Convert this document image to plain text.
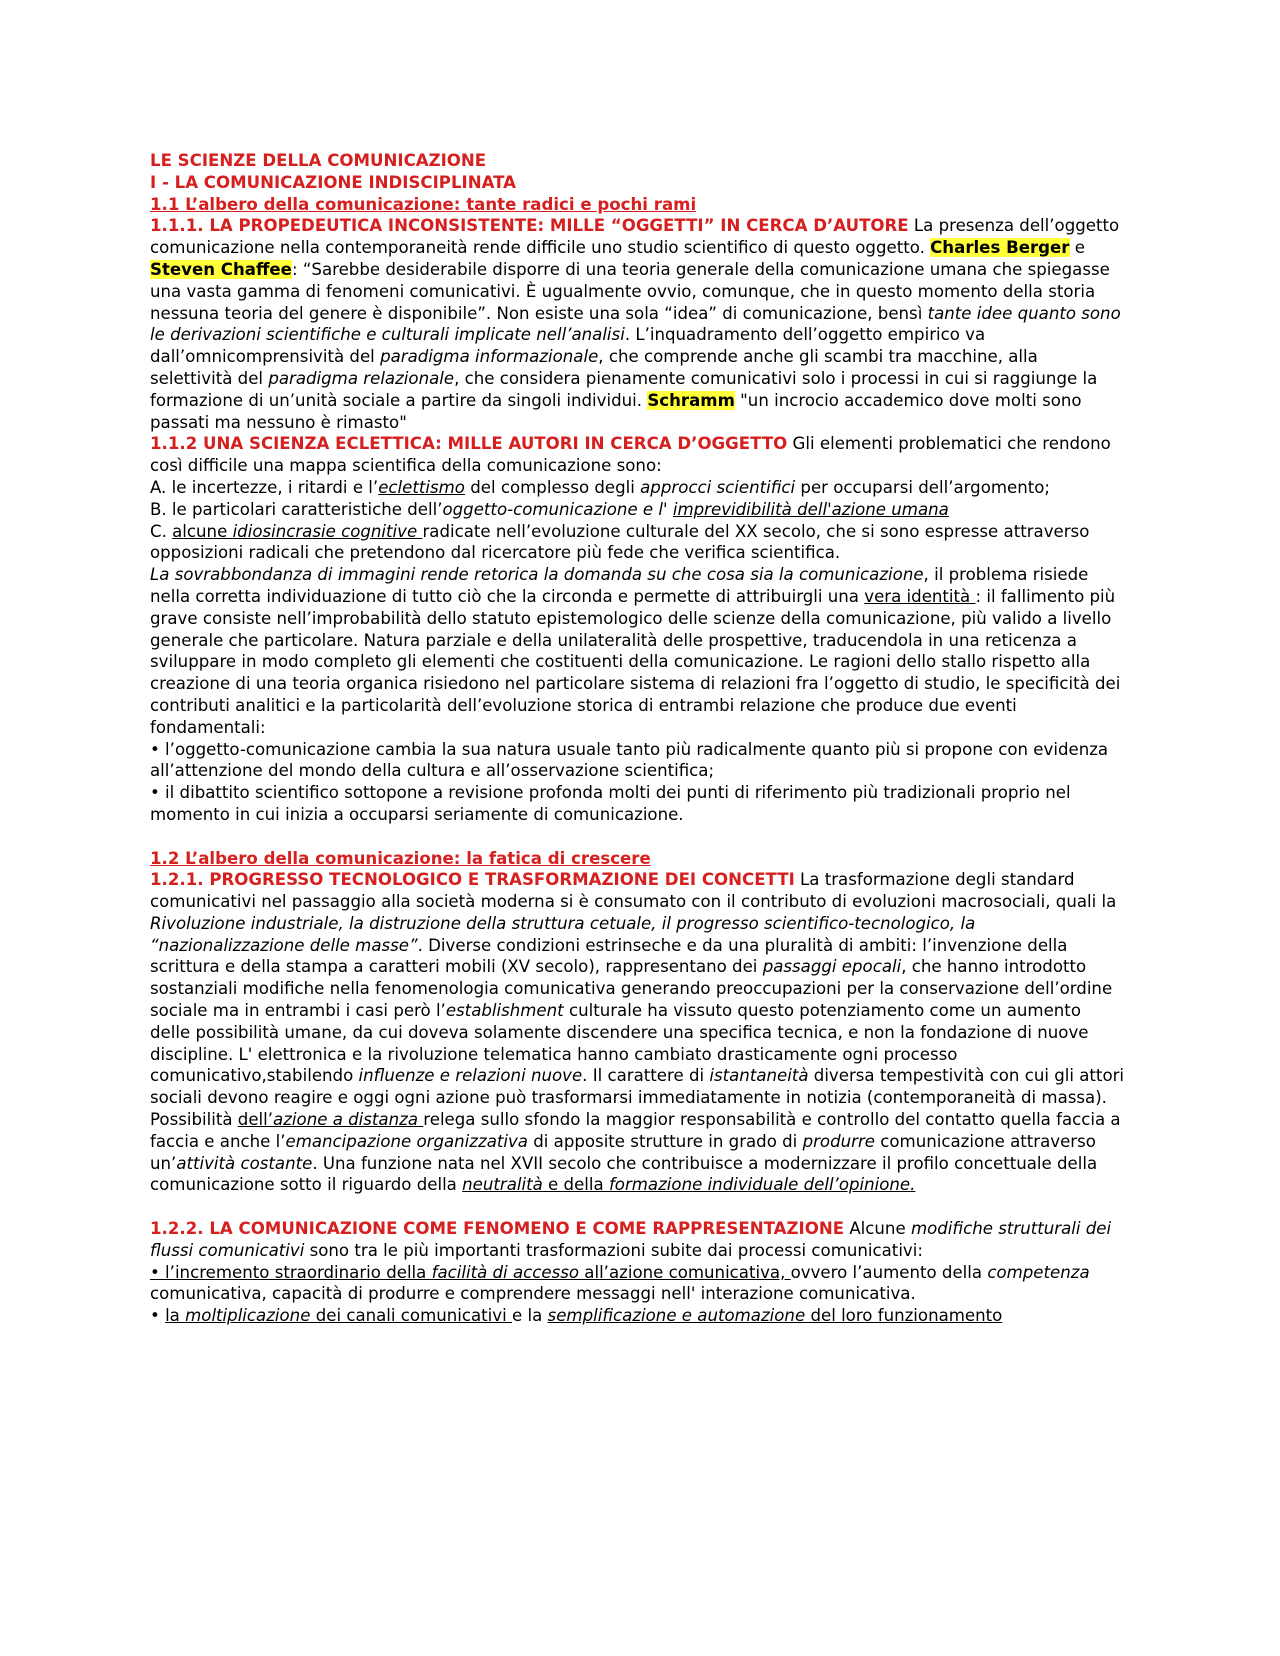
LE SCIENZE DELLA COMUNICAZIONE

I - LA COMUNICAZIONE INDISCIPLINATA

1.1 L’albero della comunicazione: tante radici e pochi rami

1.1.1. LA PROPEDEUTICA INCONSISTENTE: MILLE “OGGETTI” IN CERCA D’AUTORE La presenza dell’oggetto comunicazione nella contemporaneità rende difficile uno studio scientifico di questo oggetto. Charles Berger e Steven Chaffee: “Sarebbe desiderabile disporre di una teoria generale della comunicazione umana che spiegasse una vasta gamma di fenomeni comunicativi. È ugualmente ovvio, comunque, che in questo momento della storia nessuna teoria del genere è disponibile”. Non esiste una sola “idea” di comunicazione, bensì tante idee quanto sono le derivazioni scientifiche e culturali implicate nell’analisi. L’inquadramento dell’oggetto empirico va dall’omnicomprensività del paradigma informazionale, che comprende anche gli scambi tra macchine, alla selettività del paradigma relazionale, che considera pienamente comunicativi solo i processi in cui si raggiunge la formazione di un’unità sociale a partire da singoli individui. Schramm "un incrocio accademico dove molti sono passati ma nessuno è rimasto"

1.1.2 UNA SCIENZA ECLETTICA: MILLE AUTORI IN CERCA D’OGGETTO Gli elementi problematici che rendono così difficile una mappa scientifica della comunicazione sono:

A. le incertezze, i ritardi e l’eclettismo del complesso degli approcci scientifici per occuparsi dell’argomento;

B. le particolari caratteristiche dell’oggetto-comunicazione e l' imprevidibilità dell'azione umana

C. alcune idiosincrasie cognitive radicate nell’evoluzione culturale del XX secolo, che si sono espresse attraverso opposizioni radicali che pretendono dal ricercatore più fede che verifica scientifica.

La sovrabbondanza di immagini rende retorica la domanda su che cosa sia la comunicazione, il problema risiede nella corretta individuazione di tutto ciò che la circonda e permette di attribuirgli una vera identità : il fallimento più grave consiste nell’improbabilità dello statuto epistemologico delle scienze della comunicazione, più valido a livello generale che particolare. Natura parziale e della unilateralità delle prospettive, traducendola in una reticenza a sviluppare in modo completo gli elementi che costituenti della comunicazione. Le ragioni dello stallo rispetto alla creazione di una teoria organica risiedono nel particolare sistema di relazioni fra l’oggetto di studio, le specificità dei contributi analitici e la particolarità dell’evoluzione storica di entrambi relazione che produce due eventi fondamentali:

• l’oggetto-comunicazione cambia la sua natura usuale tanto più radicalmente quanto più si propone con evidenza all’attenzione del mondo della cultura e all’osservazione scientifica;

• il dibattito scientifico sottopone a revisione profonda molti dei punti di riferimento più tradizionali proprio nel momento in cui inizia a occuparsi seriamente di comunicazione.

1.2 L’albero della comunicazione: la fatica di crescere

1.2.1. PROGRESSO TECNOLOGICO E TRASFORMAZIONE DEI CONCETTI La trasformazione degli standard comunicativi nel passaggio alla società moderna si è consumato con il contributo di evoluzioni macrosociali, quali la Rivoluzione industriale, la distruzione della struttura cetuale, il progresso scientifico-tecnologico, la “nazionalizzazione delle masse”. Diverse condizioni estrinseche e da una pluralità di ambiti: l’invenzione della scrittura e della stampa a caratteri mobili (XV secolo), rappresentano dei passaggi epocali, che hanno introdotto sostanziali modifiche nella fenomenologia comunicativa generando preoccupazioni per la conservazione dell’ordine sociale ma in entrambi i casi però l’establishment culturale ha vissuto questo potenziamento come un aumento delle possibilità umane, da cui doveva solamente discendere una specifica tecnica, e non la fondazione di nuove discipline. L' elettronica e la rivoluzione telematica hanno cambiato drasticamente ogni processo comunicativo,stabilendo influenze e relazioni nuove. Il carattere di istantaneità diversa tempestività con cui gli attori sociali devono reagire e oggi ogni azione può trasformarsi immediatamente in notizia (contemporaneità di massa). Possibilità dell’azione a distanza relega sullo sfondo la maggior responsabilità e controllo del contatto quella faccia a faccia e anche l’emancipazione organizzativa di apposite strutture in grado di produrre comunicazione attraverso un’attività costante. Una funzione nata nel XVII secolo che contribuisce a modernizzare il profilo concettuale della comunicazione sotto il riguardo della neutralità e della formazione individuale dell’opinione.

1.2.2. LA COMUNICAZIONE COME FENOMENO E COME RAPPRESENTAZIONE Alcune modifiche strutturali dei flussi comunicativi sono tra le più importanti trasformazioni subite dai processi comunicativi:

• l’incremento straordinario della facilità di accesso all’azione comunicativa, ovvero l’aumento della competenza comunicativa, capacità di produrre e comprendere messaggi nell' interazione comunicativa.

• la moltiplicazione dei canali comunicativi e la semplificazione e automazione del loro funzionamento
